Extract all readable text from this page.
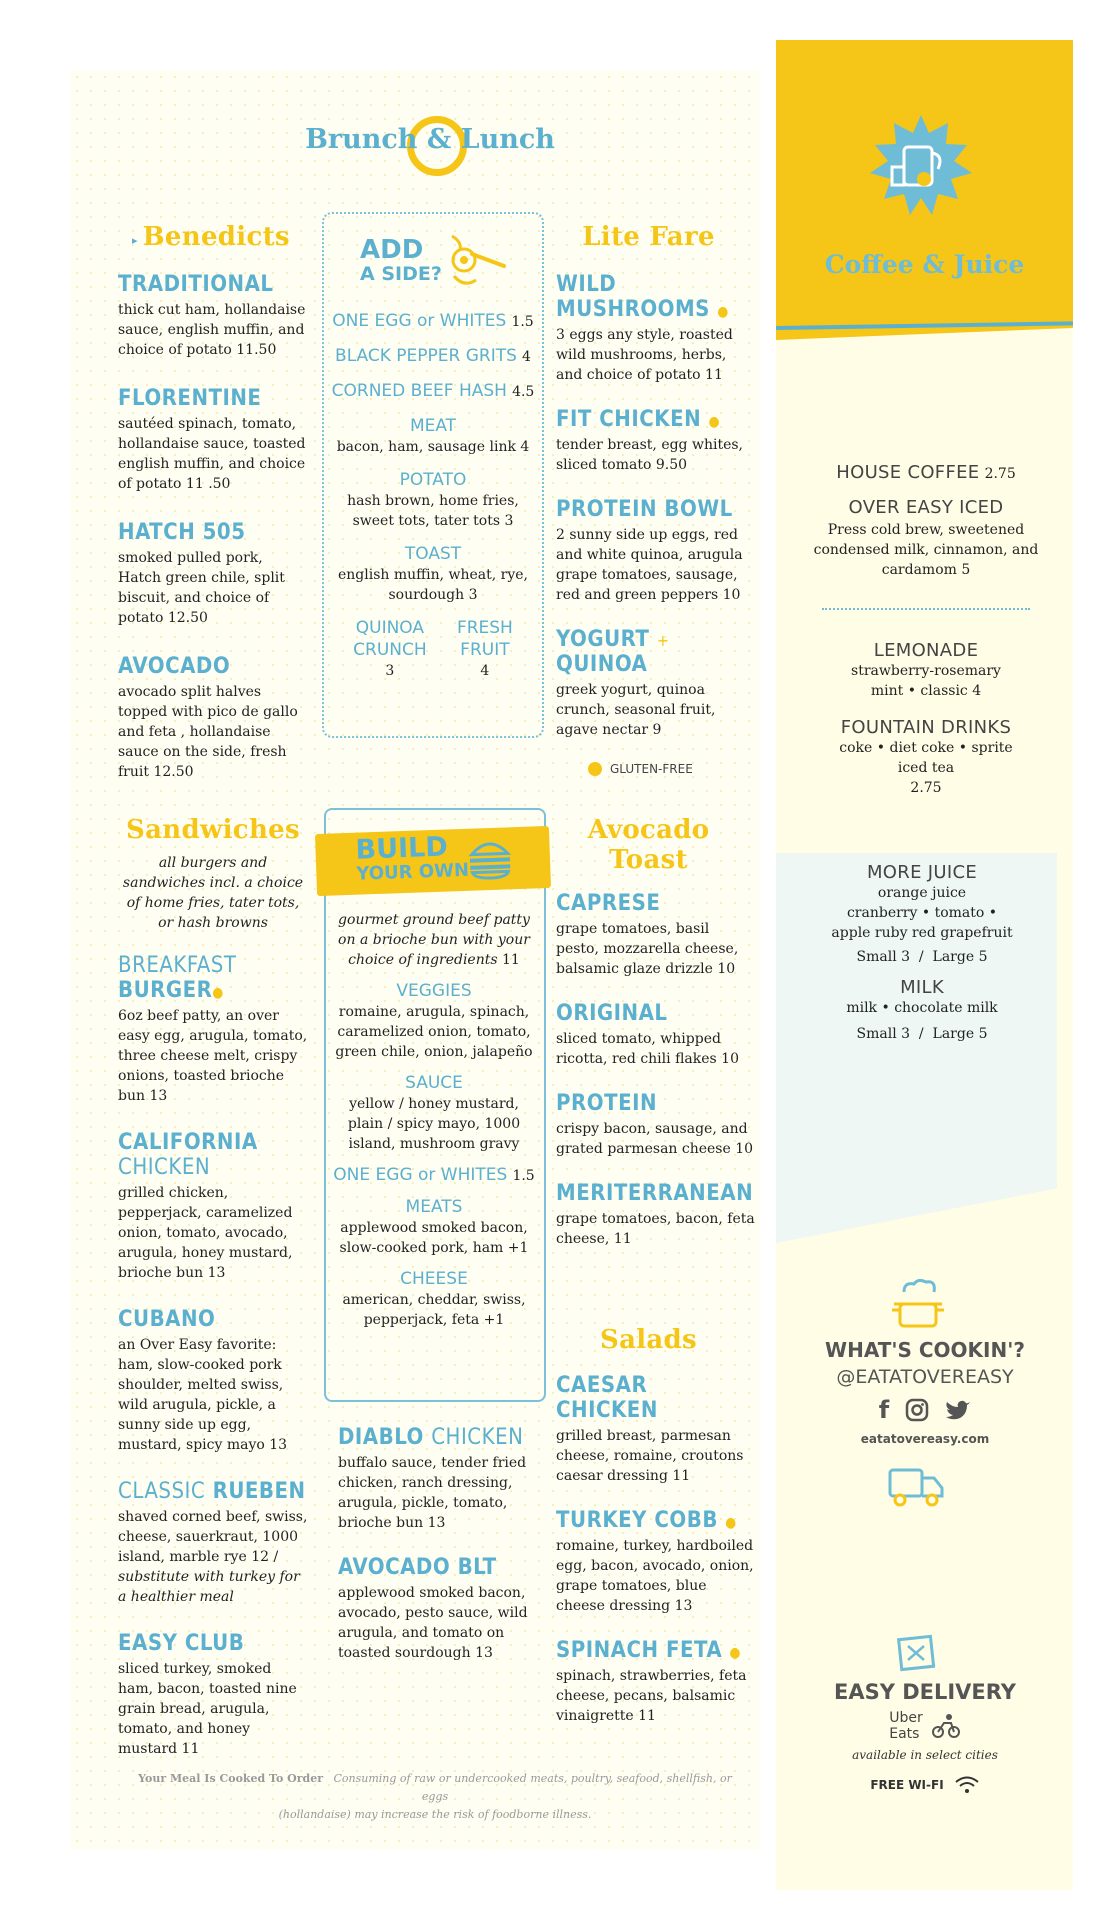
Brunch & Lunch
▸ Benedicts

TRADITIONAL

thick cut ham, hollandaise sauce, english muffin, and choice of potato 11.50

FLORENTINE

sautéed spinach, tomato, hollandaise sauce, toasted english muffin, and choice of potato 11 .50

HATCH 505

smoked pulled pork, Hatch green chile, split biscuit, and choice of potato 12.50

AVOCADO

avocado split halves topped with pico de gallo and feta , hollandaise sauce on the side, fresh fruit 12.50

ADD
A SIDE?
ONE EGG or WHITES 1.5
BLACK PEPPER GRITS 4
CORNED BEEF HASH 4.5
MEAT
bacon, ham, sausage link 4
POTATO
hash brown, home fries, sweet tots, tater tots 3
TOAST
english muffin, wheat, rye, sourdough 3
QUINOA
CRUNCH
3
FRESH
FRUIT
4
Lite Fare

WILD MUSHROOMS ●

3 eggs any style, roasted wild mushrooms, herbs, and choice of potato 11

FIT CHICKEN ●

tender breast, egg whites, sliced tomato 9.50

PROTEIN BOWL

2 sunny side up eggs, red and white quinoa, arugula grape tomatoes, sausage, red and green peppers 10

YOGURT + QUINOA

greek yogurt, quinoa crunch, seasonal fruit, agave nectar 9

GLUTEN-FREE
Sandwiches

all burgers and sandwiches incl. a choice of home fries, tater tots, or hash browns

BREAKFAST BURGER●

6oz beef patty, an over easy egg, arugula, tomato, three cheese melt, crispy onions, toasted brioche bun 13

CALIFORNIA CHICKEN

grilled chicken, pepperjack, caramelized onion, tomato, avocado, arugula, honey mustard, brioche bun 13

CUBANO

an Over Easy favorite: ham, slow-cooked pork shoulder, melted swiss, wild arugula, pickle, a sunny side up egg, mustard, spicy mayo 13

CLASSIC RUEBEN

shaved corned beef, swiss, cheese, sauerkraut, 1000 island, marble rye 12 / substitute with turkey for a healthier meal

EASY CLUB

sliced turkey, smoked ham, bacon, toasted nine grain bread, arugula, tomato, and honey mustard 11

BUILD
YOUR OWN

gourmet ground beef patty on a brioche bun with your choice of ingredients 11

VEGGIES
romaine, arugula, spinach, caramelized onion, tomato, green chile, onion, jalapeño
SAUCE
yellow / honey mustard, plain / spicy mayo, 1000 island, mushroom gravy
ONE EGG or WHITES 1.5
MEATS
applewood smoked bacon, slow-cooked pork, ham +1
CHEESE
american, cheddar, swiss, pepperjack, feta +1

DIABLO CHICKEN

buffalo sauce, tender fried chicken, ranch dressing, arugula, pickle, tomato, brioche bun 13

AVOCADO BLT

applewood smoked bacon, avocado, pesto sauce, wild arugula, and tomato on toasted sourdough 13

Avocado
Toast

CAPRESE

grape tomatoes, basil pesto, mozzarella cheese, balsamic glaze drizzle 10

ORIGINAL

sliced tomato, whipped ricotta, red chili flakes 10

PROTEIN

crispy bacon, sausage, and grated parmesan cheese 10

MERITERRANEAN

grape tomatoes, bacon, feta cheese, 11

Salads

CAESAR CHICKEN

grilled breast, parmesan cheese, romaine, croutons caesar dressing 11

TURKEY COBB ●

romaine, turkey, hardboiled egg, bacon, avocado, onion, grape tomatoes, blue cheese dressing 13

SPINACH FETA ●

spinach, strawberries, feta cheese, pecans, balsamic vinaigrette 11

Your Meal Is Cooked To Order Consuming of raw or undercooked meats, poultry, seafood, shellfish, or eggs
(hollandaise) may increase the risk of foodborne illness.
Coffee & Juice
HOUSE COFFEE 2.75
OVER EASY ICED
Press cold brew, sweetened condensed milk, cinnamon, and cardamom 5
LEMONADE
strawberry-rosemary
mint • classic 4
FOUNTAIN DRINKS
coke • diet coke • sprite
iced tea
2.75
MORE JUICE
orange juice
cranberry • tomato •
apple ruby red grapefruit
Small 3  /  Large 5
MILK
milk • chocolate milk
Small 3  /  Large 5
WHAT'S COOKIN'?
@EATATOVEREASY
f
eatatovereasy.com
EASY DELIVERY
Uber
Eats
available in select cities
FREE WI-FI
